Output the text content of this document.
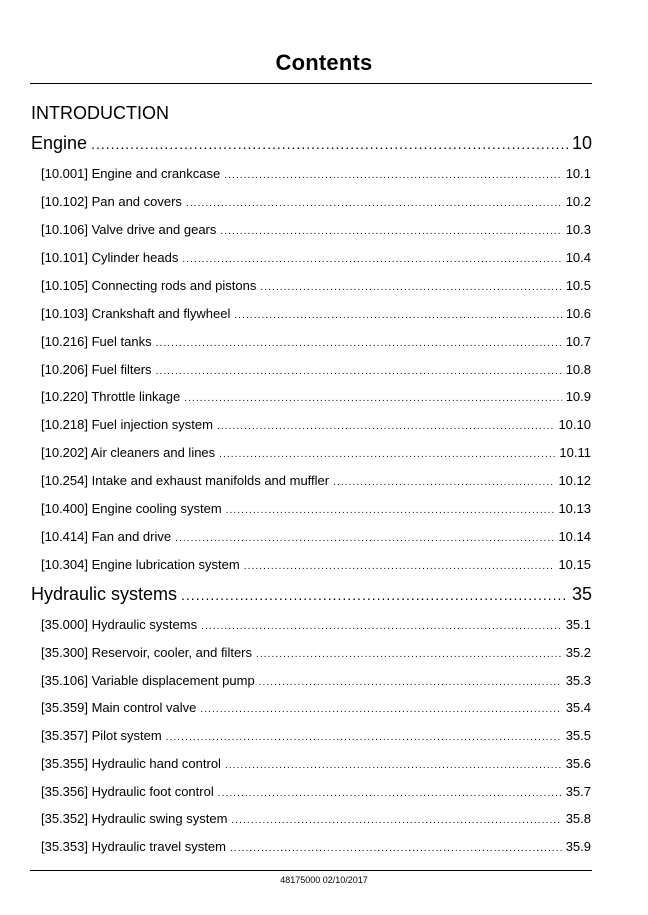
Contents
INTRODUCTION
Engine .....	10
[10.001] Engine and crankcase .....	10.1
[10.102] Pan and covers .....	10.2
[10.106] Valve drive and gears .....	10.3
[10.101] Cylinder heads .....	10.4
[10.105] Connecting rods and pistons .....	10.5
[10.103] Crankshaft and flywheel .....	10.6
[10.216] Fuel tanks .....	10.7
[10.206] Fuel filters .....	10.8
[10.220] Throttle linkage .....	10.9
[10.218] Fuel injection system .....	10.10
[10.202] Air cleaners and lines .....	10.11
[10.254] Intake and exhaust manifolds and muffler .....	10.12
[10.400] Engine cooling system .....	10.13
[10.414] Fan and drive .....	10.14
[10.304] Engine lubrication system .....	10.15
Hydraulic systems .....	35
[35.000] Hydraulic systems .....	35.1
[35.300] Reservoir, cooler, and filters .....	35.2
[35.106] Variable displacement pump .....	35.3
[35.359] Main control valve .....	35.4
[35.357] Pilot system .....	35.5
[35.355] Hydraulic hand control .....	35.6
[35.356] Hydraulic foot control .....	35.7
[35.352] Hydraulic swing system .....	35.8
[35.353] Hydraulic travel system .....	35.9
48175000 02/10/2017
